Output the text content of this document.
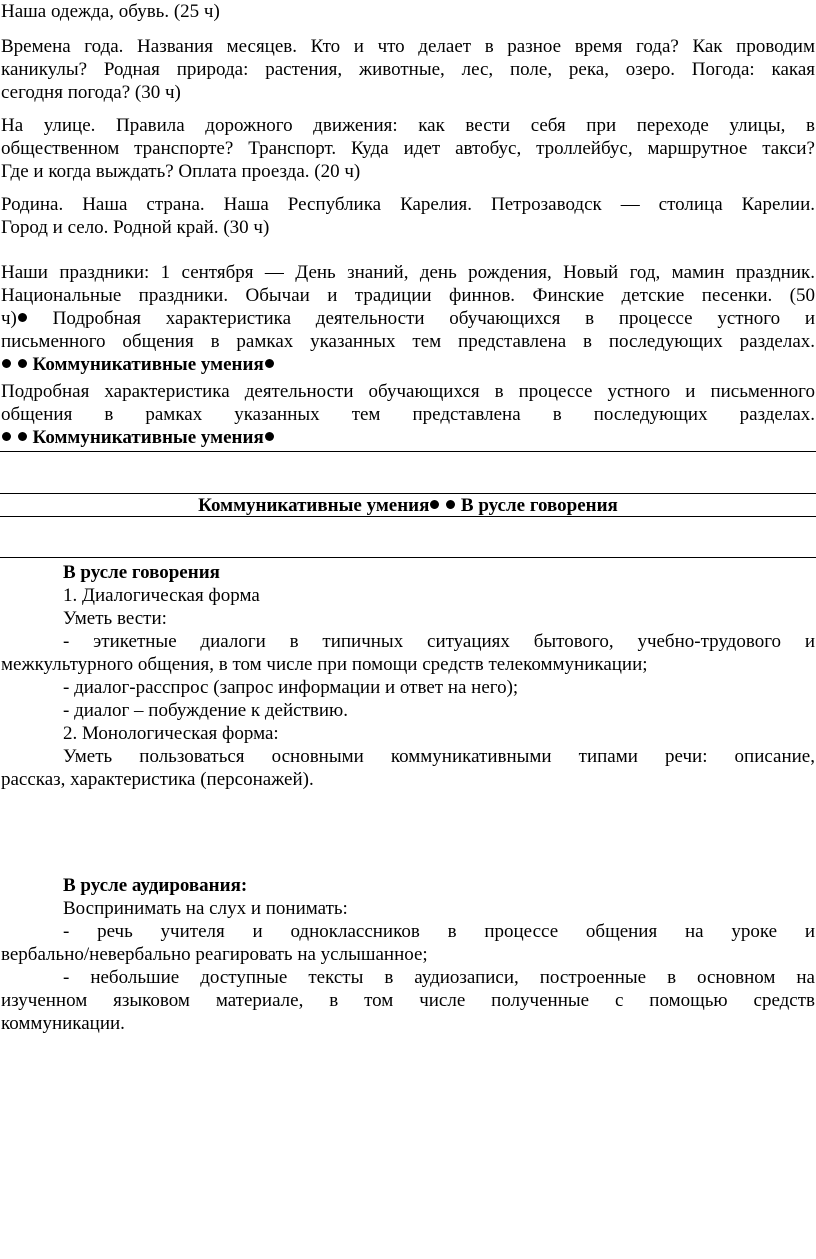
Наша одежда, обувь. (25 ч)

Времена года. Названия месяцев. Кто и что делает в разное время года? Как проводим

каникулы? Родная природа: растения, животные, лес, поле, река, озеро. Погода: какая

сегодня погода? (30 ч)

На улице. Правила дорожного движения: как вести себя при переходе улицы, в

общественном транспорте? Транспорт. Куда идет автобус, троллейбус, маршрутное такси?

Где и когда выждать? Оплата проезда. (20 ч)

Родина. Наша страна. Наша Республика Карелия. Петрозаводск — столица Карелии.

Город и село. Родной край. (30 ч)

Наши праздники: 1 сентября — День знаний, день рождения, Новый год, мамин праздник.

Национальные праздники. Обычаи и традиции финнов. Финские детские песенки. (50

ч) Подробная характеристика деятельности обучающихся в процессе устного и

письменного общения в рамках указанных тем представлена в последующих разделах.

Коммуникативные умения

Подробная характеристика деятельности обучающихся в процессе устного и письменного

общения в рамках указанных тем представлена в последующих разделах.

Коммуникативные умения

Коммуникативные умения В русле говорения

В русле говорения

1. Диалогическая форма

Уметь вести:

- этикетные диалоги в типичных ситуациях бытового, учебно-трудового и

межкультурного общения, в том числе при помощи средств телекоммуникации;

- диалог-расспрос (запрос информации и ответ на него);

- диалог – побуждение к действию.

2. Монологическая форма:

Уметь пользоваться основными коммуникативными типами речи: описание,

рассказ, характеристика (персонажей).

В русле аудирования:

Воспринимать на слух и понимать:

- речь учителя и одноклассников в процессе общения на уроке и

вербально/невербально реагировать на услышанное;

- небольшие доступные тексты в аудиозаписи, построенные в основном на

изученном языковом материале, в том числе полученные с помощью средств

коммуникации.
